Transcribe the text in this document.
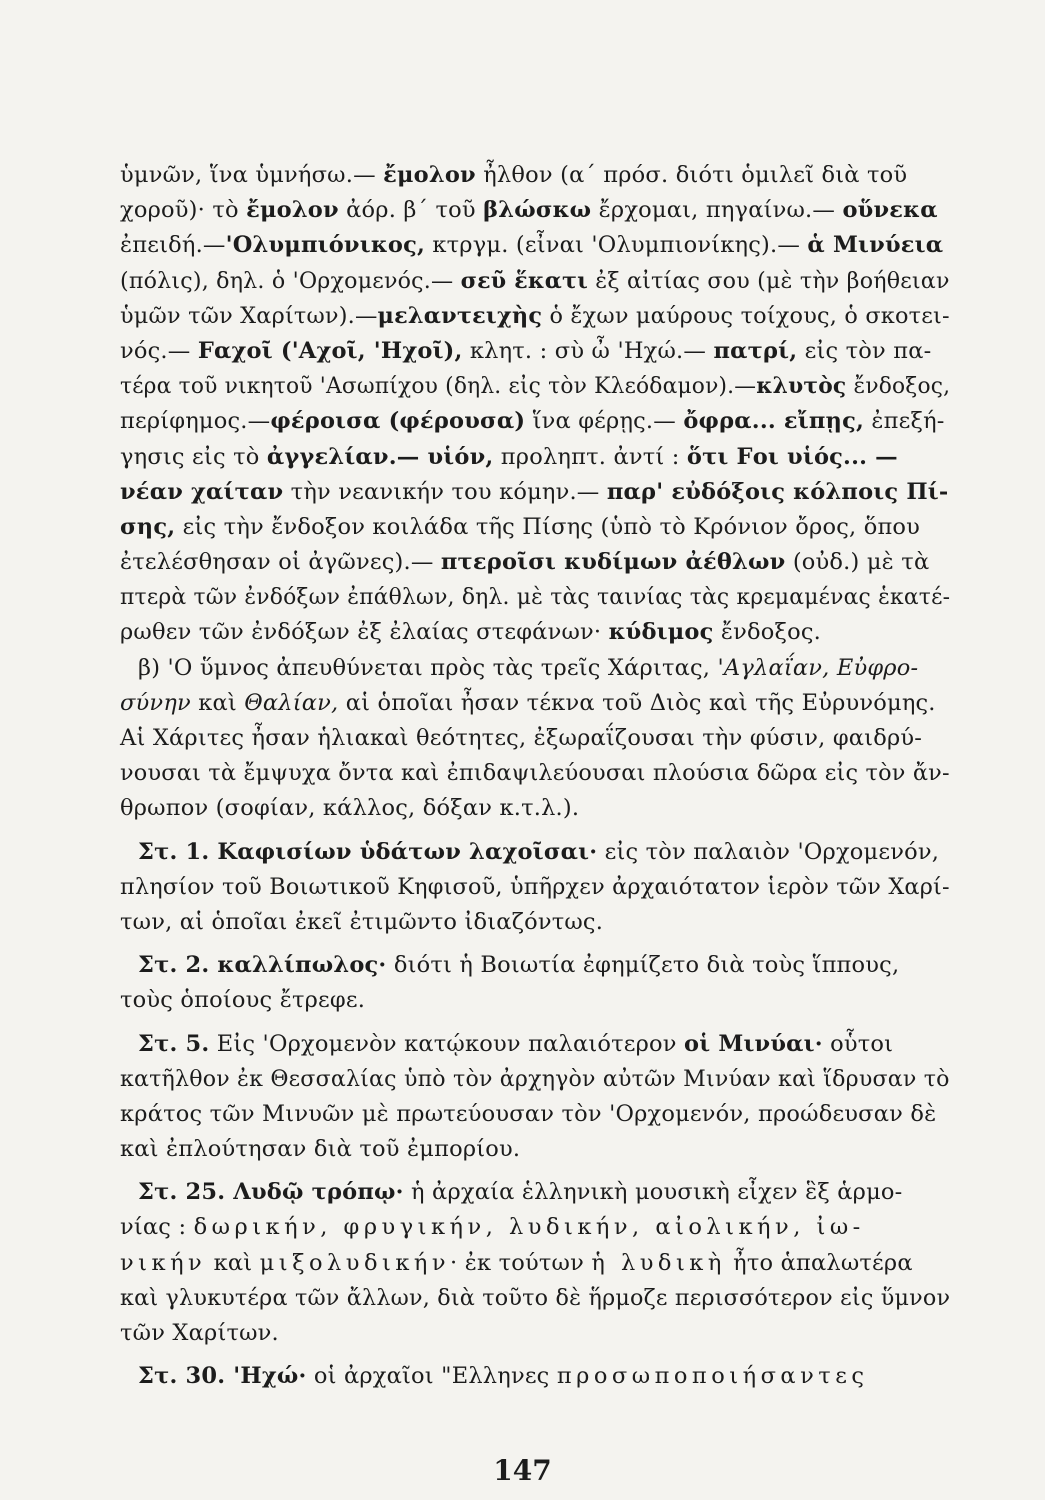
ὑμνῶν, ἵνα ὑμνήσω.— ἔμολον ἦλθον (α΄ πρόσ. διότι ὁμιλεῖ διὰ τοῦ
χοροῦ)· τὸ ἔμολον ἀόρ. β΄ τοῦ βλώσκω ἔρχομαι, πηγαίνω.— οὕνεκα
ἐπειδή.—'Ολυμπιόνικος, κτργμ. (εἶναι 'Ολυμπιονίκης).— ἁ Μινύεια
(πόλις), δηλ. ὁ 'Ορχομενός.— σεῦ ἕκατι ἐξ αἰτίας σου (μὲ τὴν βοήθειαν
ὑμῶν τῶν Χαρίτων).—μελαντειχὴς ὁ ἔχων μαύρους τοίχους, ὁ σκοτει-
νός.— Fαχοῖ ('Αχοῖ, 'Ηχοῖ), κλητ. : σὺ ὦ 'Ηχώ.— πατρί, εἰς τὸν πα-
τέρα τοῦ νικητοῦ 'Ασωπίχου (δηλ. εἰς τὸν Κλεόδαμον).—κλυτὸς ἔνδοξος,
περίφημος.—φέροισα (φέρουσα) ἵνα φέρῃς.— ὄφρα... εἴπῃς, ἐπεξή-
γησις εἰς τὸ ἀγγελίαν.— υἱόν, προληπτ. ἀντί : ὅτι Fοι υἱός... —
νέαν χαίταν τὴν νεανικήν του κόμην.— παρ' εὐδόξοις κόλποις Πί-
σης, εἰς τὴν ἔνδοξον κοιλάδα τῆς Πίσης (ὑπὸ τὸ Κρόνιον ὄρος, ὅπου
ἐτελέσθησαν οἱ ἀγῶνες).— πτεροῖσι κυδίμων ἀέθλων (οὐδ.) μὲ τὰ
πτερὰ τῶν ἐνδόξων ἐπάθλων, δηλ. μὲ τὰς ταινίας τὰς κρεμαμένας ἑκατέ-
ρωθεν τῶν ἐνδόξων ἐξ ἐλαίας στεφάνων· κύδιμος ἔνδοξος.
β) 'Ο ὕμνος ἀπευθύνεται πρὸς τὰς τρεῖς Χάριτας, 'Αγλαΐαν, Εὐφρο-
σύνην καὶ Θαλίαν, αἱ ὁποῖαι ἦσαν τέκνα τοῦ Διὸς καὶ τῆς Εὐρυνόμης.
Αἱ Χάριτες ἦσαν ἡλιακαὶ θεότητες, ἐξωραΐζουσαι τὴν φύσιν, φαιδρύ-
νουσαι τὰ ἔμψυχα ὄντα καὶ ἐπιδαψιλεύουσαι πλούσια δῶρα εἰς τὸν ἄν-
θρωπον (σοφίαν, κάλλος, δόξαν κ.τ.λ.).
Στ. 1. Καφισίων ὑδάτων λαχοῖσαι· εἰς τὸν παλαιὸν 'Ορχομενόν,
πλησίον τοῦ Βοιωτικοῦ Κηφισοῦ, ὑπῆρχεν ἀρχαιότατον ἱερὸν τῶν Χαρί-
των, αἱ ὁποῖαι ἐκεῖ ἐτιμῶντο ἰδιαζόντως.
Στ. 2. καλλίπωλος· διότι ἡ Βοιωτία ἐφημίζετο διὰ τοὺς ἵππους,
τοὺς ὁποίους ἔτρεφε.
Στ. 5. Εἰς 'Ορχομενὸν κατῴκουν παλαιότερον οἱ Μινύαι· οὗτοι
κατῆλθον ἐκ Θεσσαλίας ὑπὸ τὸν ἀρχηγὸν αὐτῶν Μινύαν καὶ ἵδρυσαν τὸ
κράτος τῶν Μινυῶν μὲ πρωτεύουσαν τὸν 'Ορχομενόν, προώδευσαν δὲ
καὶ ἐπλούτησαν διὰ τοῦ ἐμπορίου.
Στ. 25. Λυδῷ τρόπῳ· ἡ ἀρχαία ἑλληνικὴ μουσικὴ εἶχεν ἓξ ἁρμο-
νίας : δωρικήν, φρυγικήν, λυδικήν, αἰολικήν, ἰω-
νικήν καὶ μιξολυδικήν· ἐκ τούτων ἡ λυδικὴ ἦτο ἁπαλωτέρα
καὶ γλυκυτέρα τῶν ἄλλων, διὰ τοῦτο δὲ ἥρμοζε περισσότερον εἰς ὕμνον
τῶν Χαρίτων.
Στ. 30. 'Ηχώ· οἱ ἀρχαῖοι "Ελληνες προσωποποιήσαντες
147
